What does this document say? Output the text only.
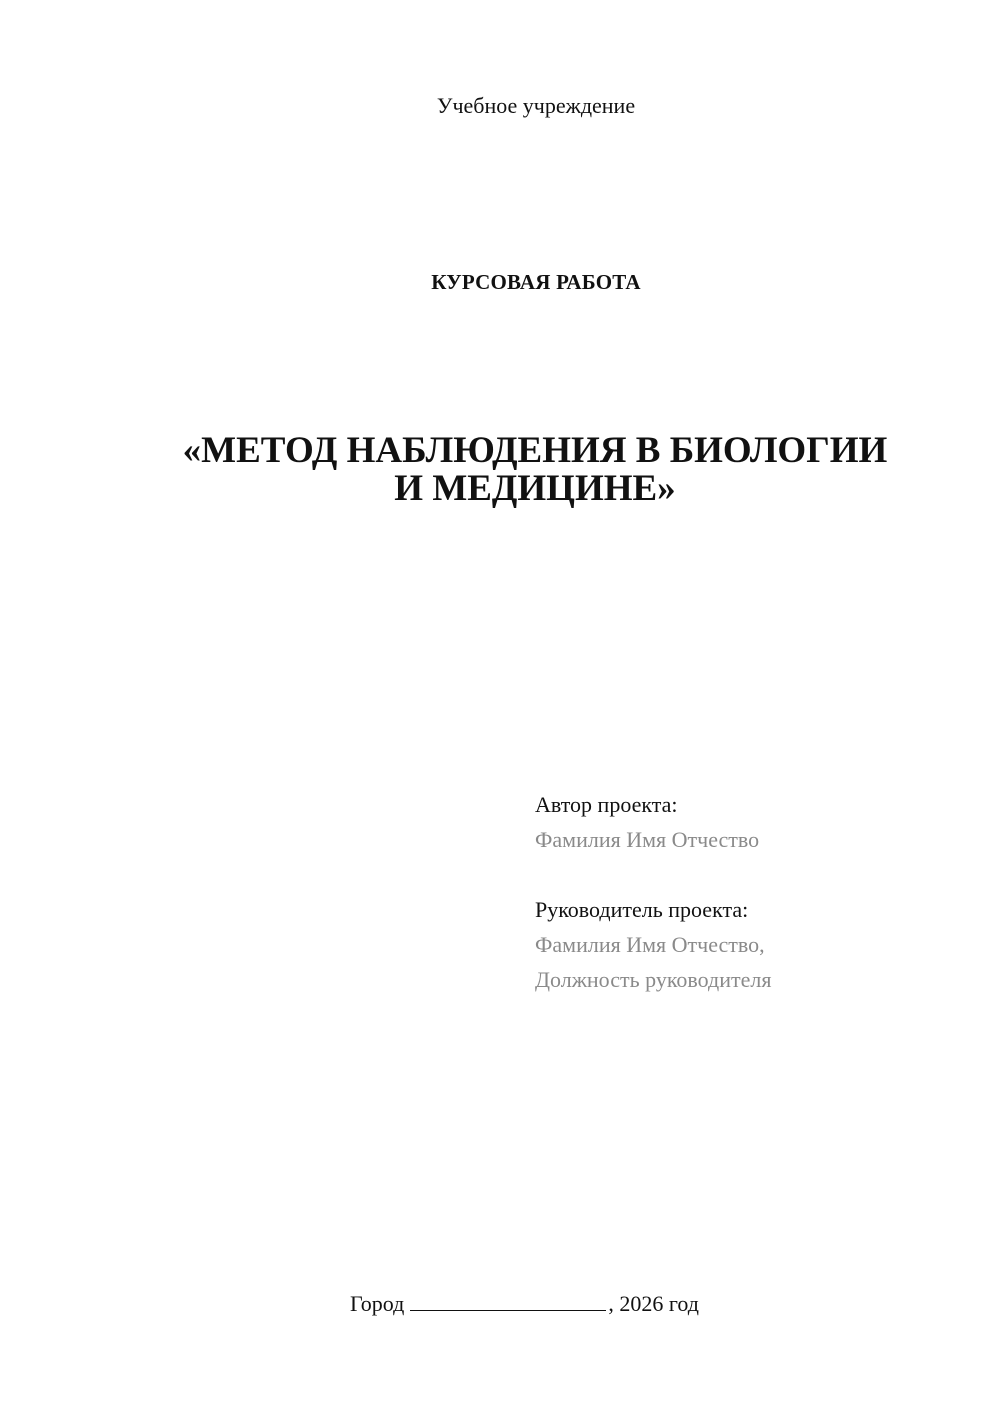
Учебное учреждение
КУРСОВАЯ РАБОТА
«МЕТОД НАБЛЮДЕНИЯ В БИОЛОГИИ
И МЕДИЦИНЕ»
Автор проекта:
Фамилия Имя Отчество
Руководитель проекта:
Фамилия Имя Отчество,
Должность руководителя
Город	, 2026 год
